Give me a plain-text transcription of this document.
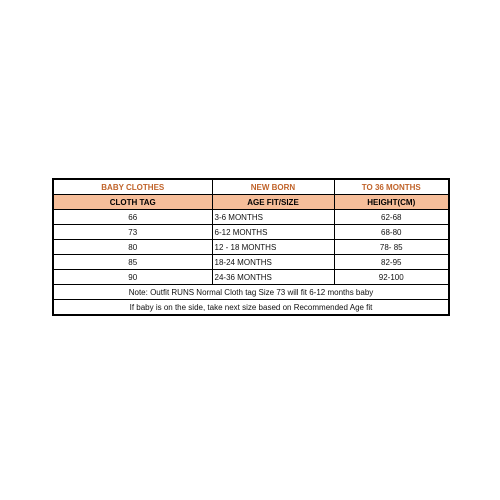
BABY CLOTHES	NEW BORN	TO 36 MONTHS
CLOTH TAG	AGE FIT/SIZE	HEIGHT(CM)
66	3-6 MONTHS	62-68
73	6-12 MONTHS	68-80
80	12 - 18 MONTHS	78- 85
85	18-24 MONTHS	82-95
90	24-36 MONTHS	92-100
Note: Outfit RUNS Normal Cloth tag Size 73 will fit 6-12 months baby		
If baby is on the side, take next size based on Recommended Age fit		
